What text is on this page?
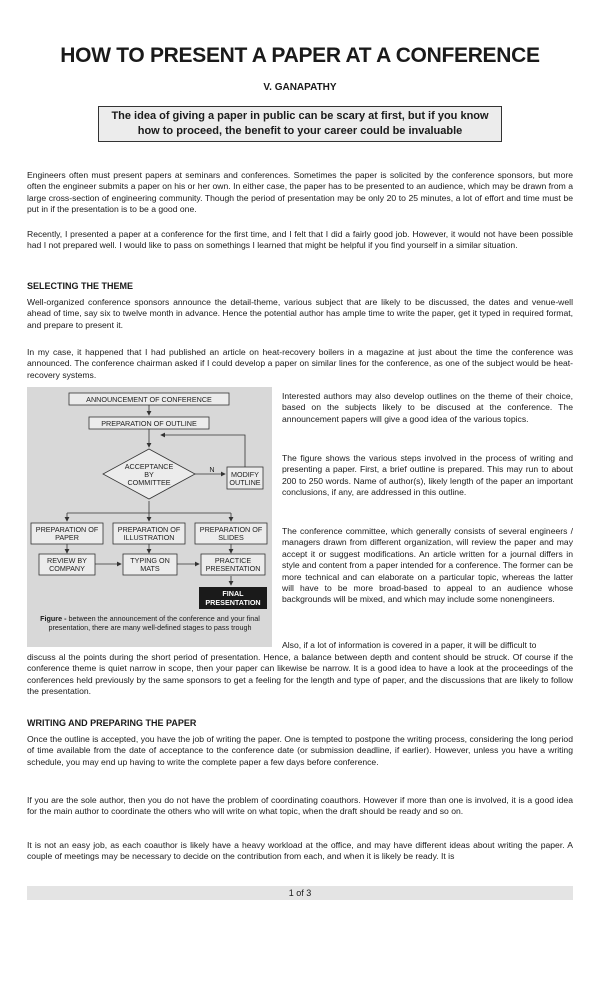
HOW TO PRESENT A PAPER AT A CONFERENCE
V. GANAPATHY
The idea of giving a paper in public can be scary at first, but if you know how to proceed, the benefit to your career could be invaluable

Engineers often must present papers at seminars and conferences. Sometimes the paper is solicited by the conference sponsors, but more often the engineer submits a paper on his or her own. In either case, the paper has to be presented to an audience, which may be drawn from a large cross-section of engineering community. Though the period of presentation may be only 20 to 25 minutes, a lot of effort and time must be put in if the presentation is to be a good one.

Recently, I presented a paper at a conference for the first time, and I felt that I did a fairly good job. However, it would not have been possible had I not prepared well. I would like to pass on somethings I learned that might be helpful if you find yourself in a similar situation.

SELECTING THE THEME

Well-organized conference sponsors announce the detail-theme, various subject that are likely to be discussed, the dates and venue-well ahead of time, say six to twelve month in advance. Hence the potential author has ample time to write the paper, get it typed in required format, and prepare to present it.

In my case, it happened that I had published an article on heat-recovery boilers in a magazine at just about the time the conference was announced. The conference chairman asked if I could develop a paper on similar lines for the conference, as one of the subject would be heat-recovery systems.

ANNOUNCEMENT OF CONFERENCE
PREPARATION OF OUTLINE
ACCEPTANCE
BY
COMMITTEE
N
MODIFY
OUTLINE
PREPARATION OF
PAPER
PREPARATION OF
ILLUSTRATION
PREPARATION OF
SLIDES
REVIEW BY
COMPANY
TYPING ON
MATS
PRACTICE
PRESENTATION
FINAL
PRESENTATION
Figure - between the announcement of the conference and your final presentation, there are many well-defined stages to pass trough

Interested authors may also develop outlines on the theme of their choice, based on the subjects likely to be discused at the conference. The announcement papers will give a good idea of the various topics.

The figure shows the various steps involved in the process of writing and presenting a paper. First, a brief outline is prepared. This may run to about 200 to 250 words. Name of author(s), likely length of the paper an important conclusions, if any, are addressed in this outline.

The conference committee, which generally consists of several engineers / managers drawn from different organization, will review the paper and may accept it or suggest modifications. An article written for a journal differs in style and content from a paper intended for a conference. The former can be more technical and can elaborate on a particular topic, whereas the latter will have to be more broad-based to appeal to an audience whose backgrounds will be mixed, and which may include some nonengineers.

Also, if a lot of information is covered in a paper, it will be difficult to

discuss al the points during the short period of presentation. Hence, a balance between depth and content should be struck. Of course if the conference theme is quiet narrow in scope, then your paper can likewise be narrow. It is a good idea to have a look at the proceedings of the conferences held previously by the same sponsors to get a feeling for the length and type of paper, and the discussions that are likely to follow the presentation.

WRITING AND PREPARING THE PAPER

Once the outline is accepted, you have the job of writing the paper. One is tempted to postpone the writing process, considering the long period of time available from the date of acceptance to the conference date (or submission deadline, if earlier). However, unless you have a writing schedule, you may end up having to write the complete paper a few days before conference.

If you are the sole author, then you do not have the problem of coordinating coauthors. However if more than one is involved, it is a good idea for the main author to coordinate the others who will write on what topic, when the draft should be ready and so on.

It is not an easy job, as each coauthor is likely have a heavy workload at the office, and may have different ideas about writing the paper. A couple of meetings may be necessary to decide on the contribution from each, and when it is likely be ready. It is

1 of 3
